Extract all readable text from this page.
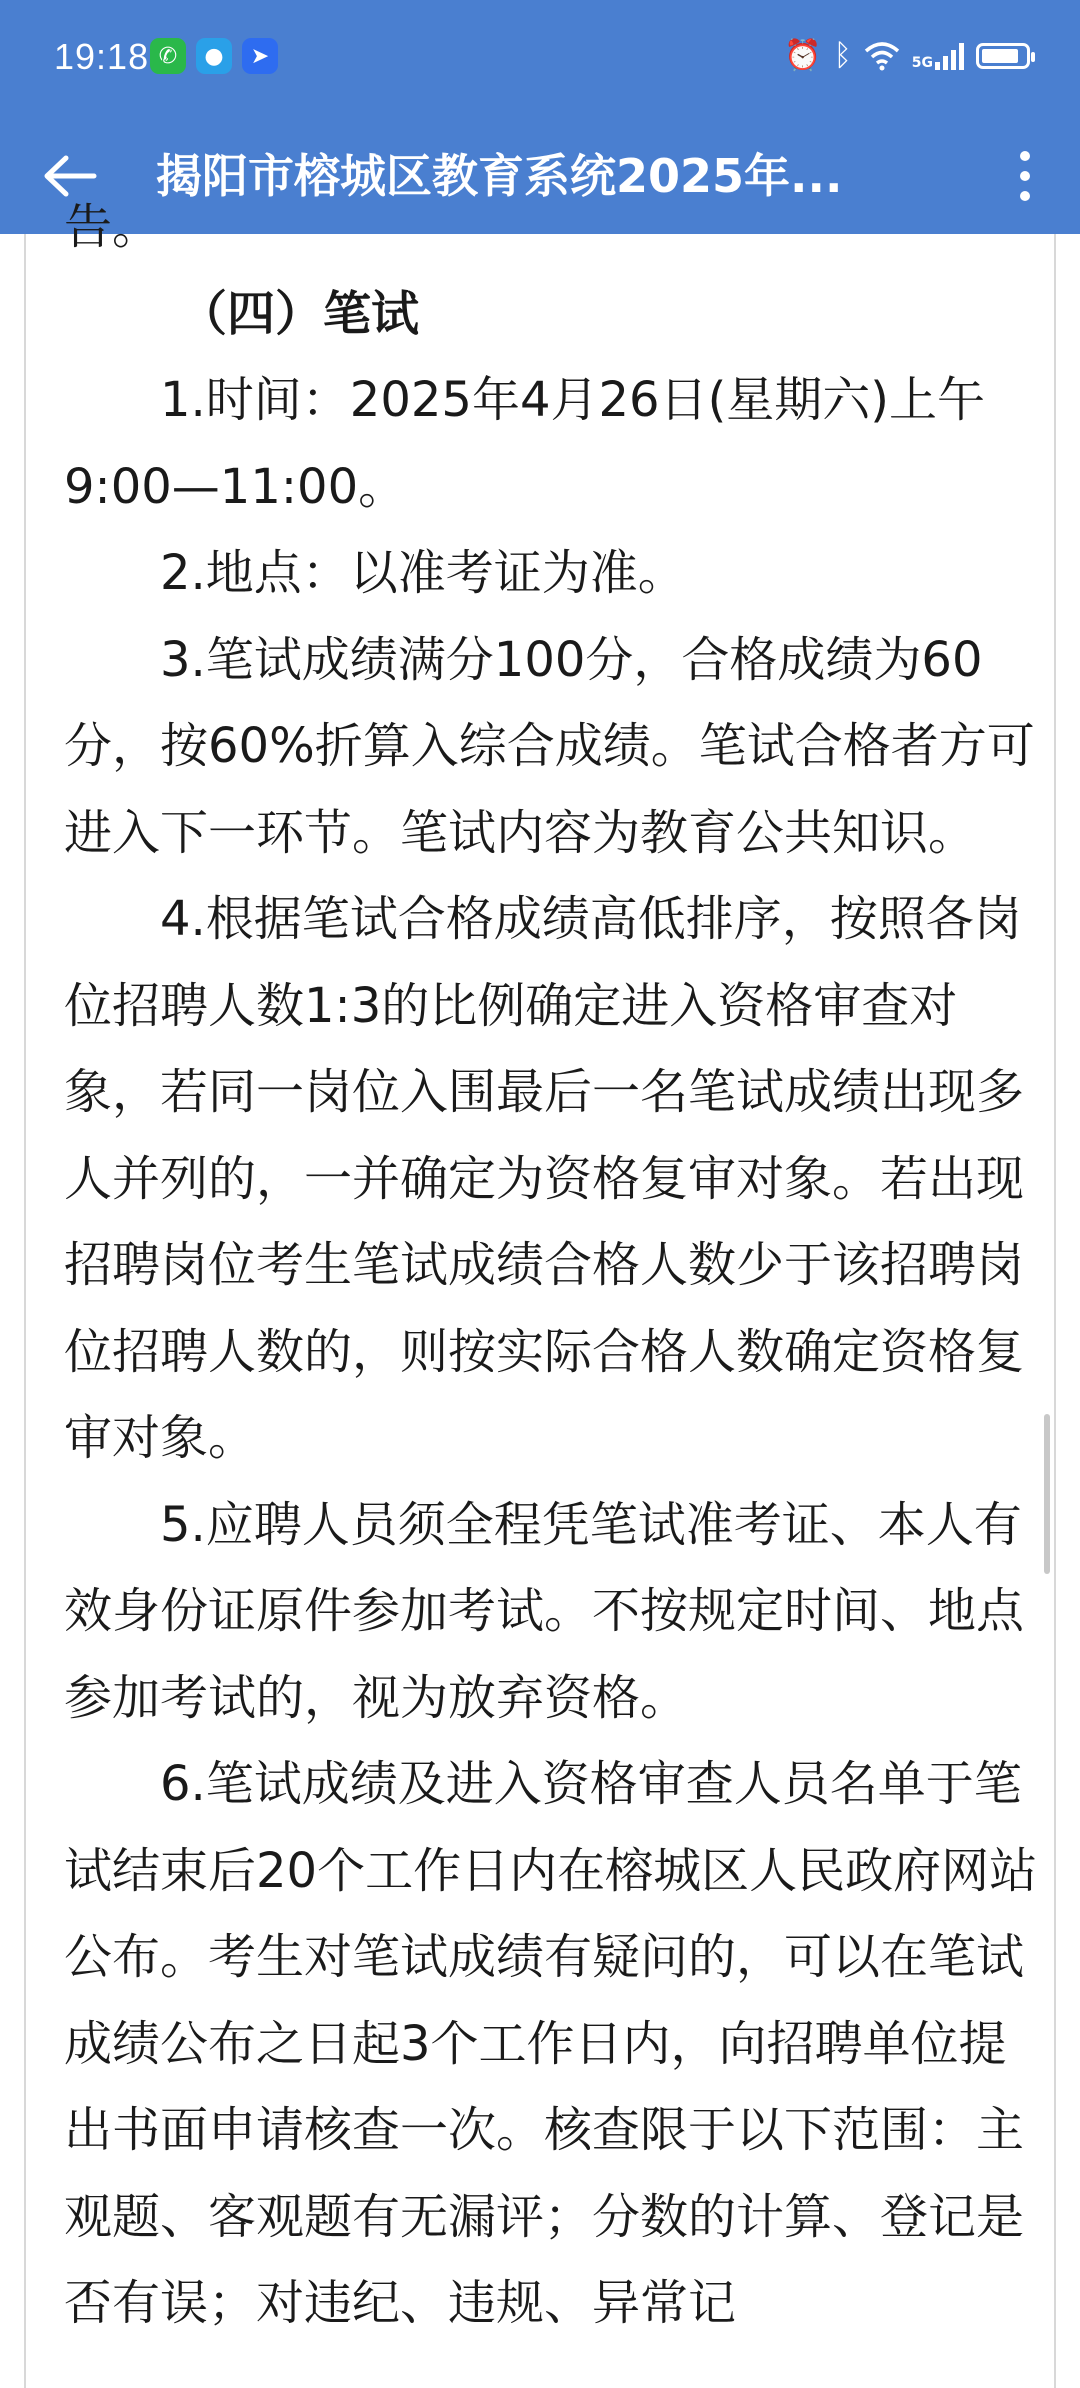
19:18 ✆	●	➤	⏰ ᛒ	5G
揭阳市榕城区教育系统2025年...

告。

（四）笔试

1.时间：2025年4月26日(星期六)上午9:00—11:00。

2.地点：以准考证为准。

3.笔试成绩满分100分，合格成绩为60分，按60%折算入综合成绩。笔试合格者方可进入下一环节。笔试内容为教育公共知识。

4.根据笔试合格成绩高低排序，按照各岗位招聘人数1:3的比例确定进入资格审查对象，若同一岗位入围最后一名笔试成绩出现多人并列的，一并确定为资格复审对象。若出现招聘岗位考生笔试成绩合格人数少于该招聘岗位招聘人数的，则按实际合格人数确定资格复审对象。

5.应聘人员须全程凭笔试准考证、本人有效身份证原件参加考试。不按规定时间、地点参加考试的，视为放弃资格。

6.笔试成绩及进入资格审查人员名单于笔试结束后20个工作日内在榕城区人民政府网站公布。考生对笔试成绩有疑问的，可以在笔试成绩公布之日起3个工作日内，向招聘单位提出书面申请核查一次。核查限于以下范围：主观题、客观题有无漏评；分数的计算、登记是否有误；对违纪、违规、异常记
